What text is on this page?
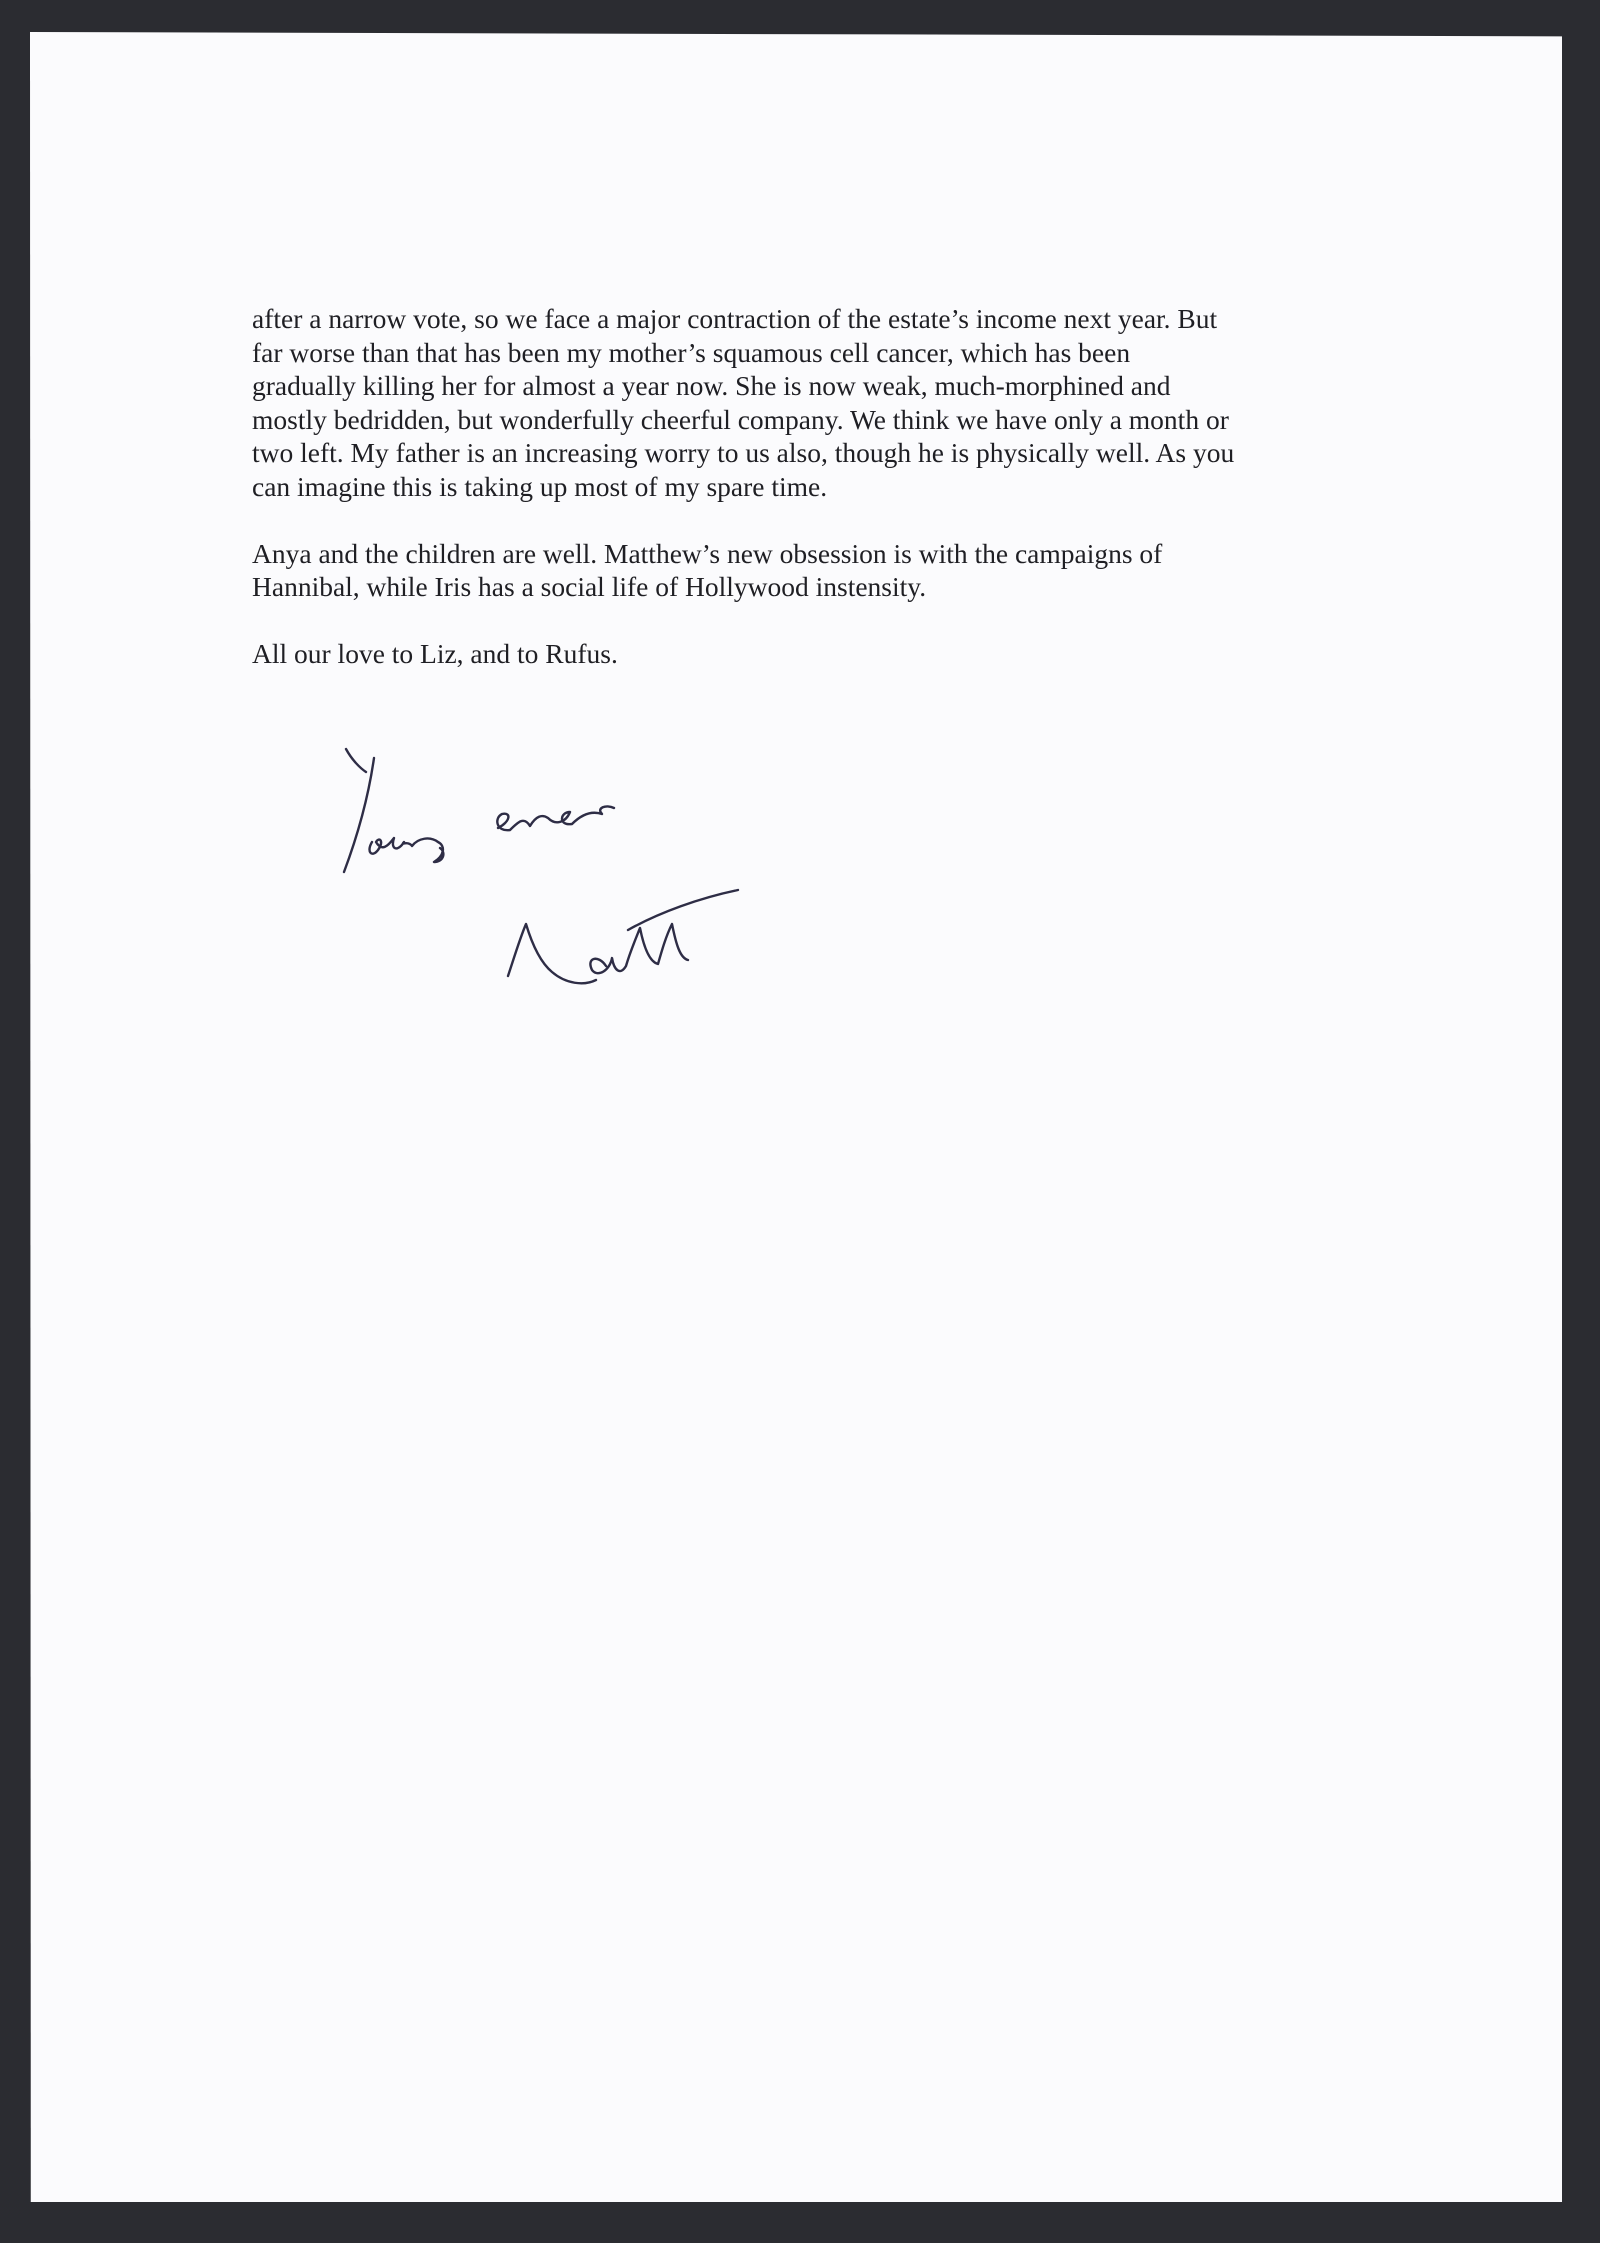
after a narrow vote, so we face a major contraction of the estate’s income next year. But
far worse than that has been my mother’s squamous cell cancer, which has been
gradually killing her for almost a year now. She is now weak, much-morphined and
mostly bedridden, but wonderfully cheerful company. We think we have only a month or
two left. My father is an increasing worry to us also, though he is physically well. As you
can imagine this is taking up most of my spare time.

Anya and the children are well. Matthew’s new obsession is with the campaigns of
Hannibal, while Iris has a social life of Hollywood instensity.

All our love to Liz, and to Rufus.
